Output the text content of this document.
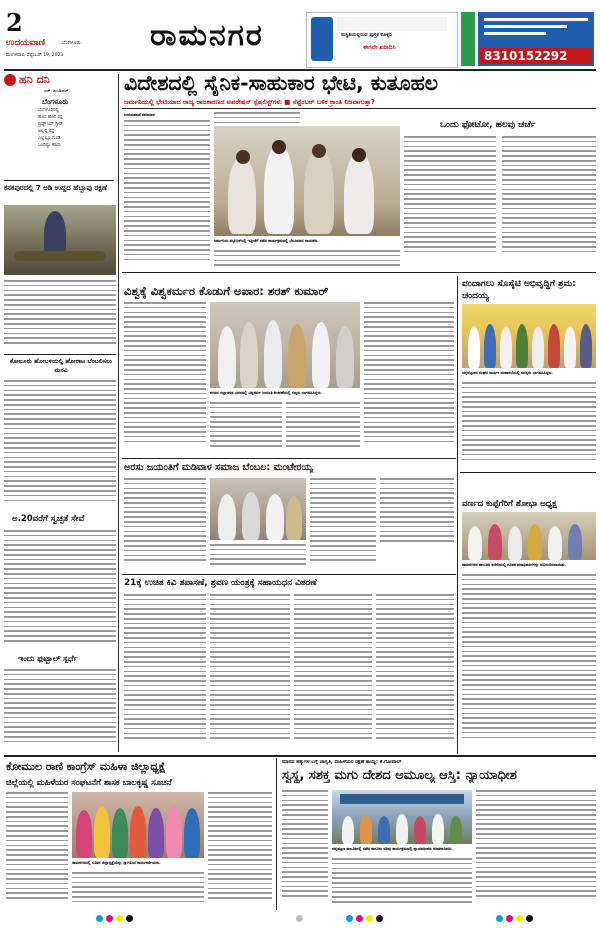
2
ಉದಯವಾಣಿ	ಬೆಂಗಳೂರು
ಮಂಗಳವಾರ, ಸೆಪ್ಟೆಂಬರ್ 19, 2023
ರಾಮನಗರ	ಸುಸ್ಥಿತಿಯಲ್ಲಿರುವ ಪುಸ್ತಕ ಕೊಳ್ಳಿರಿ
ಈಗಲೇ ಖರೀದಿಸಿ
8310152292
ಹನಿ ದನಿ
ಎಚ್. ಡುಂಡಿರಾಜ್
ಬೆಂಗಳೂರು
ಬೆಂಗಳೂರಿನಲ್ಲಿ
ಹೊಸ ಹೊಸ ರಸ್ತೆ
ಬ್ರಿಡ್ಜ್ ಬಸ್ ಗ್ರೀನ್
ಅಲ್ಲಲ್ಲಿ ರಸ್ತೆ
ಎಲ್ಲೆಲ್ಲೂ ಗುಂಡಿ
ಒಂದಿಷ್ಟು ಹಸಿರು
ಕನಕಪುರದಲ್ಲಿ 7 ಅಡಿ ಉದ್ದದ ಹೆಬ್ಬಾವು ರಕ್ಷಣೆ
ಕೋಲೂರು ಹೋಬಳಿಯಲ್ಲಿ ಹೋರಾಟ ಬೆಂಬಲಿಸಲು ಮನವಿ
ಅ.20ವರೆಗೆ ಸ್ವಚ್ಛತೆ ಸೇವೆ
ಇಂದು ಫುಟ್ಬಾಲ್ ಸ್ಪರ್ಧೆ
ವಿದೇಶದಲ್ಲಿ ಸೈನಿಕ-ಸಾಹುಕಾರ ಭೇಟಿ, ಕುತೂಹಲ
ಜರ್ಮನಿಯಲ್ಲಿ ಭೇಟಿಯಾದ ರಾಜ್ಯ ರಾಜಕಾರಣದ ಅಪರೇಷನ್ ಸ್ಪೆಷಲಿಸ್ಟ್‌ಗಳು ■ ಸೆಪ್ಟೆಂಬರ್ ಬಳಿಕ ಕ್ರಾಂತಿ ನಿಜವಾಗುತ್ತಾ?
ಉದಯವಾಣಿ ಸಮಾಚಾರ
ಜರ್ಮನಿಯ ಮ್ಯೂನಿಕ್‌ನಲ್ಲಿ ಇತ್ತೀಚೆಗೆ ನಡೆದ ಕಾರ್ಯಕ್ರಮದಲ್ಲಿ ಭೇಟಿಯಾದ ನಾಯಕರು.
ಒಂದು ಫೋಟೋ, ಹಲವು ಚರ್ಚೆ
ವಿಶ್ವಕ್ಕೆ ವಿಶ್ವಕರ್ಮರ ಕೊಡುಗೆ ಅಪಾರ: ಶರತ್ ಕುಮಾರ್
ನಗರದ ಜಿಲ್ಲಾಡಳಿತ ಭವನದಲ್ಲಿ ವಿಶ್ವಕರ್ಮ ಜಯಂತಿ ಆಚರಣೆಯಲ್ಲಿ ಗಣ್ಯರು ಭಾಗವಹಿಸಿದ್ದರು.
ವಂದಾಗಲು ಸೊಸೈಟಿ ಅಭಿವೃದ್ಧಿಗೆ ಶ್ರಮ: ಚಂದಯ್ಯ
ಚನ್ನಪಟ್ಟಣದ ಸಂಘದ ವಾರ್ಷಿಕ ಮಹಾಸಭೆಯಲ್ಲಿ ಸದಸ್ಯರು ಭಾಗವಹಿಸಿದ್ದರು.
ಅರಸು ಜಯಂತಿಗೆ ಮಡಿವಾಳ ಸಮಾಜ ಬೆಂಬಲ: ಮಂಟೇರಯ್ಯ
ವರ್ಣದ ಕುಪ್ಪೆಗೆರಿಗೆ ಶೋಭಾ ಅಧ್ಯಕ್ಷ
ರಾಮನಗರದ ತಾಲೂಕು ಕಚೇರಿಯಲ್ಲಿ ನೂತನ ಪದಾಧಿಕಾರಿಗಳನ್ನು ಅಭಿನಂದಿಸಲಾಯಿತು.
21ಕ್ಕೆ ಉಚಿತ ಕಿವಿ ತಪಾಸಣೆ, ಶ್ರವಣ ಯಂತ್ರಕ್ಕೆ ಸಹಾಯಧನ ವಿತರಣೆ
ಕೋಮುಲ ರಾಣಿ ಕಾಂಗ್ರೆಸ್ ಮಹಿಳಾ ಜಿಲ್ಲಾಧ್ಯಕ್ಷೆ
ಜಿಲ್ಲೆಯಲ್ಲಿ ಮಹಿಳೆಯರ ಸಂಘಟನೆಗೆ ಶಾಸಕ ಬಾಲಕೃಷ್ಣ ಸೂಚನೆ
ರಾಮನಗರದಲ್ಲಿ ನೂತನ ಜಿಲ್ಲಾಧ್ಯಕ್ಷೆಯನ್ನು ಸ್ವಾಗತಿಸಿದ ಕಾರ್ಯಕರ್ತೆಯರು.
ಮಾನವ ಹಕ್ಕುಗಳ ಬಗ್ಗೆ ಜಾಗೃತಿ, ಮಹಿಳೆಯರ ರಕ್ಷಣೆ ಕಾಯ್ದೆ: ಕೆ.ಗೋಪಾಲ್
ಸ್ವಸ್ಥ, ಸಶಕ್ತ ಮಗು ದೇಶದ ಅಮೂಲ್ಯ ಆಸ್ತಿ: ನ್ಯಾಯಾಧೀಶ
ಚನ್ನಪಟ್ಟಣ ತಾಲೂಕಿನಲ್ಲಿ ನಡೆದ ಕಾನೂನು ಅರಿವು ಕಾರ್ಯಕ್ರಮದಲ್ಲಿ ನ್ಯಾಯಾಧೀಶರು ಮಾತನಾಡಿದರು.
